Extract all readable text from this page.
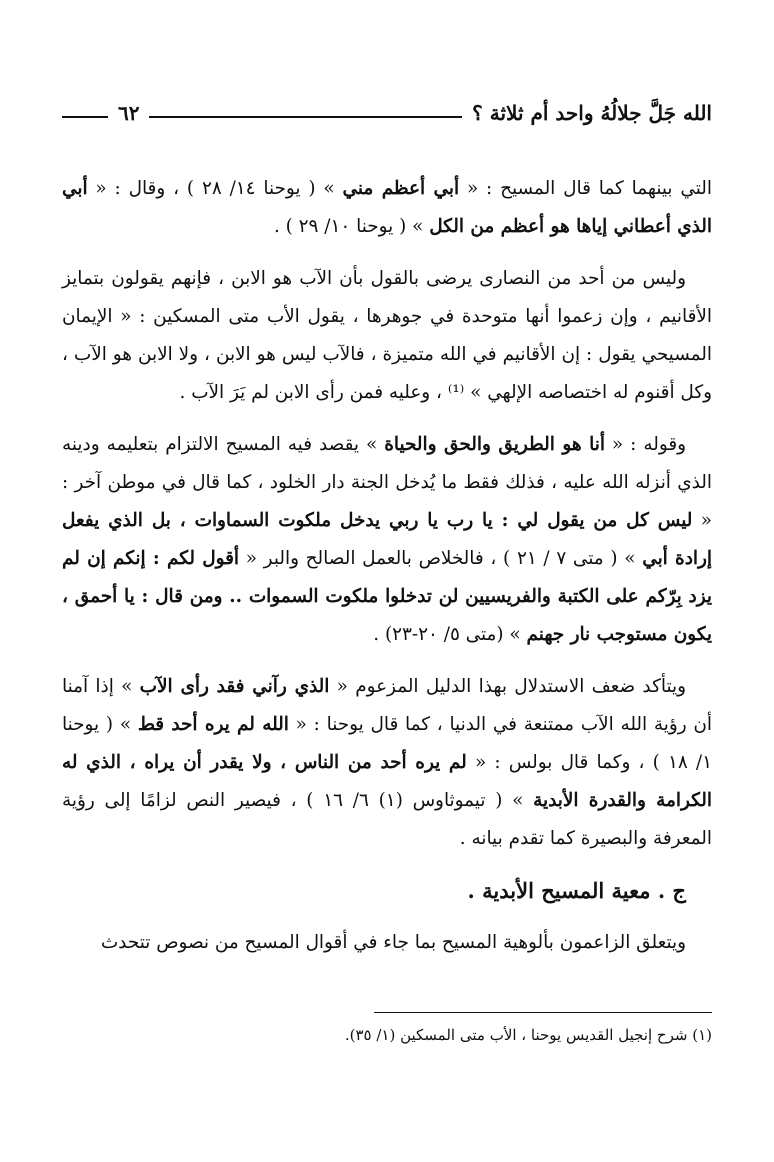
الله جَلَّ جلالُهُ واحد أم ثلاثة ؟
٦٢

التي بينهما كما قال المسيح : « أبي أعظم مني » ( يوحنا ١٤/ ٢٨ ) ، وقال : « أبي الذي أعطاني إياها هو أعظم من الكل » ( يوحنا ١٠/ ٢٩ ) .

وليس من أحد من النصارى يرضى بالقول بأن الآب هو الابن ، فإنهم يقولون بتمايز الأقانيم ، وإن زعموا أنها متوحدة في جوهرها ، يقول الأب متى المسكين : « الإيمان المسيحي يقول : إن الأقانيم في الله متميزة ، فالآب ليس هو الابن ، ولا الابن هو الآب ، وكل أقنوم له اختصاصه الإلهي » ⁽¹⁾ ، وعليه فمن رأى الابن لم يَرَ الآب .

وقوله : « أنا هو الطريق والحق والحياة » يقصد فيه المسيح الالتزام بتعليمه ودينه الذي أنزله الله عليه ، فذلك فقط ما يُدخل الجنة دار الخلود ، كما قال في موطن آخر : « ليس كل من يقول لي : يا رب يا ربي يدخل ملكوت السماوات ، بل الذي يفعل إرادة أبي » ( متى ٧ / ٢١ ) ، فالخلاص بالعمل الصالح والبر « أقول لكم : إنكم إن لم يزد بِرّكم على الكتبة والفريسيين لن تدخلوا ملكوت السموات .. ومن قال : يا أحمق ، يكون مستوجب نار جهنم » (متى ٥/ ٢٠-٢٣) .

ويتأكد ضعف الاستدلال بهذا الدليل المزعوم « الذي رآني فقد رأى الآب » إذا آمنا أن رؤية الله الآب ممتنعة في الدنيا ، كما قال يوحنا : « الله لم يره أحد قط » ( يوحنا ١/ ١٨ ) ، وكما قال بولس : « لم يره أحد من الناس ، ولا يقدر أن يراه ، الذي له الكرامة والقدرة الأبدية » ( تيموثاوس (١) ٦/ ١٦ ) ، فيصير النص لزامًا إلى رؤية المعرفة والبصيرة كما تقدم بيانه .

ج . معية المسيح الأبدية .

ويتعلق الزاعمون بألوهية المسيح بما جاء في أقوال المسيح من نصوص تتحدث

(١) شرح إنجيل القديس يوحنا ، الأب متى المسكين (١/ ٣٥).
